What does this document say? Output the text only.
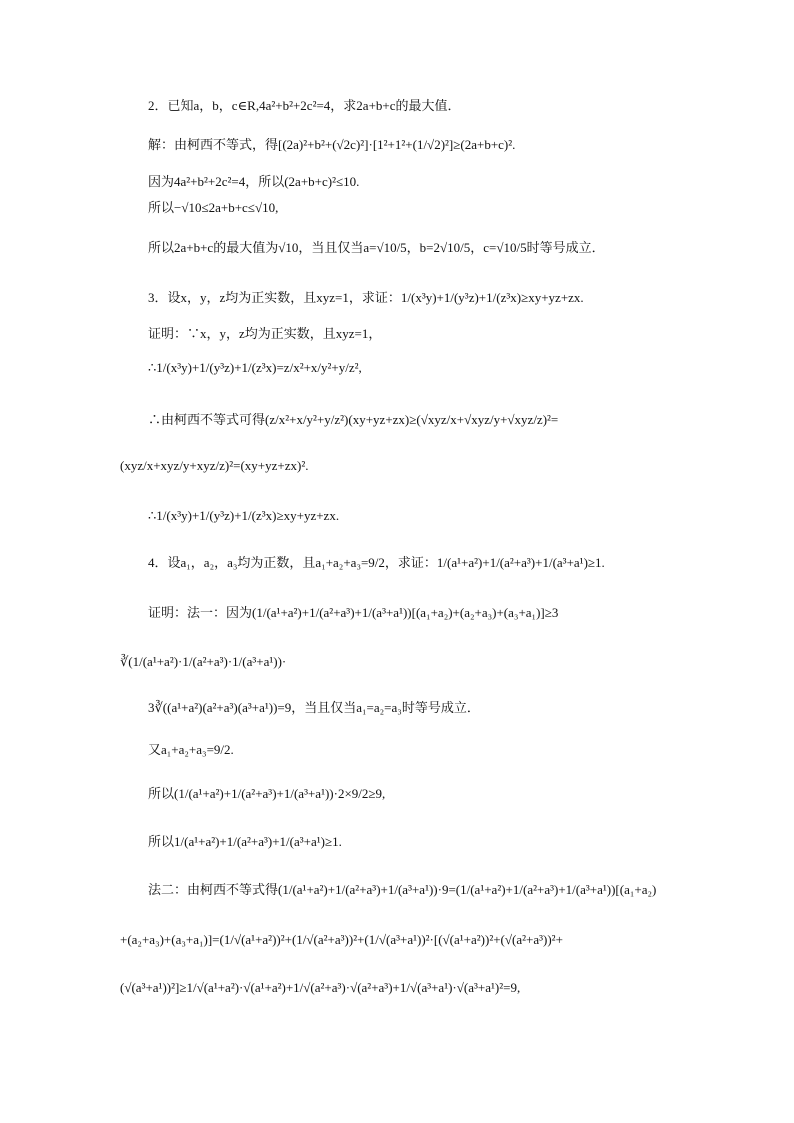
2．已知a，b，c∈R,4a²+b²+2c²=4，求2a+b+c的最大值．
解：由柯西不等式，得[(2a)²+b²+(√2c)²]·[1²+1²+(1/√2)²]≥(2a+b+c)².
因为4a²+b²+2c²=4，所以(2a+b+c)²≤10.
所以−√10≤2a+b+c≤√10,
所以2a+b+c的最大值为√10，当且仅当a=√10/5，b=2√10/5，c=√10/5时等号成立．
3．设x，y，z均为正实数，且xyz=1，求证：1/(x³y)+1/(y³z)+1/(z³x)≥xy+yz+zx.
证明：∵x，y，z均为正实数，且xyz=1，
∴1/(x³y)+1/(y³z)+1/(z³x)=z/x²+x/y²+y/z²,
∴由柯西不等式可得(z/x²+x/y²+y/z²)(xy+yz+zx)≥(√xyz/x+√xyz/y+√xyz/z)²=
(xyz/x+xyz/y+xyz/z)²=(xy+yz+zx)².
∴1/(x³y)+1/(y³z)+1/(z³x)≥xy+yz+zx.
4．设a₁，a₂，a₃均为正数，且a₁+a₂+a₃=9/2，求证：1/(a¹+a²)+1/(a²+a³)+1/(a³+a¹)≥1.
证明：法一：因为(1/(a¹+a²)+1/(a²+a³)+1/(a³+a¹))[(a₁+a₂)+(a₂+a₃)+(a₃+a₁)]≥3
∛(1/(a¹+a²)·1/(a²+a³)·1/(a³+a¹))·
3∛((a¹+a²)(a²+a³)(a³+a¹))=9，当且仅当a₁=a₂=a₃时等号成立．
又a₁+a₂+a₃=9/2.
所以(1/(a¹+a²)+1/(a²+a³)+1/(a³+a¹))·2×9/2≥9,
所以1/(a¹+a²)+1/(a²+a³)+1/(a³+a¹)≥1.
法二：由柯西不等式得(1/(a¹+a²)+1/(a²+a³)+1/(a³+a¹))·9=(1/(a¹+a²)+1/(a²+a³)+1/(a³+a¹))[(a₁+a₂)
+(a₂+a₃)+(a₃+a₁)]=(1/√(a¹+a²))²+(1/√(a²+a³))²+(1/√(a³+a¹))²·[(√(a¹+a²))²+(√(a²+a³))²+
(√(a³+a¹))²]≥1/√(a¹+a²)·√(a¹+a²)+1/√(a²+a³)·√(a²+a³)+1/√(a³+a¹)·√(a³+a¹)²=9,
